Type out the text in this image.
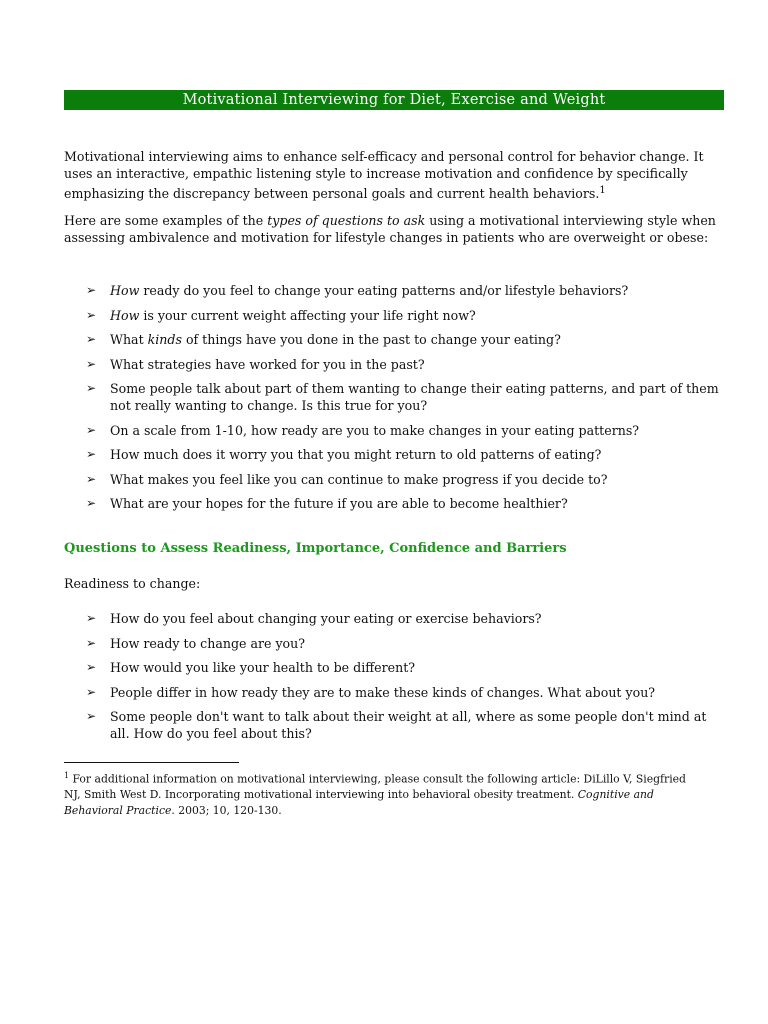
Motivational Interviewing for Diet, Exercise and Weight
Motivational interviewing aims to enhance self-efficacy and personal control for behavior change. It uses an interactive, empathic listening style to increase motivation and confidence by specifically emphasizing the discrepancy between personal goals and current health behaviors.$^1$
Here are some examples of the types of questions to ask using a motivational interviewing style when assessing ambivalence and motivation for lifestyle changes in patients who are overweight or obese:
➢ How ready do you feel to change your eating patterns and/or lifestyle behaviors?
➢ How is your current weight affecting your life right now?
➢ What kinds of things have you done in the past to change your eating?
➢ What strategies have worked for you in the past?
➢ Some people talk about part of them wanting to change their eating patterns, and part of them not really wanting to change. Is this true for you?
➢ On a scale from 1-10, how ready are you to make changes in your eating patterns?
➢ How much does it worry you that you might return to old patterns of eating?
➢ What makes you feel like you can continue to make progress if you decide to?
➢ What are your hopes for the future if you are able to become healthier?
Questions to Assess Readiness, Importance, Confidence and Barriers
Readiness to change:
➢ How do you feel about changing your eating or exercise behaviors?
➢ How ready to change are you?
➢ How would you like your health to be different?
➢ People differ in how ready they are to make these kinds of changes. What about you?
➢ Some people don't want to talk about their weight at all, where as some people don't mind at all. How do you feel about this?
$^1$ For additional information on motivational interviewing, please consult the following article: DiLillo V, Siegfried NJ, Smith West D. Incorporating motivational interviewing into behavioral obesity treatment. Cognitive and Behavioral Practice. 2003; 10, 120-130.
